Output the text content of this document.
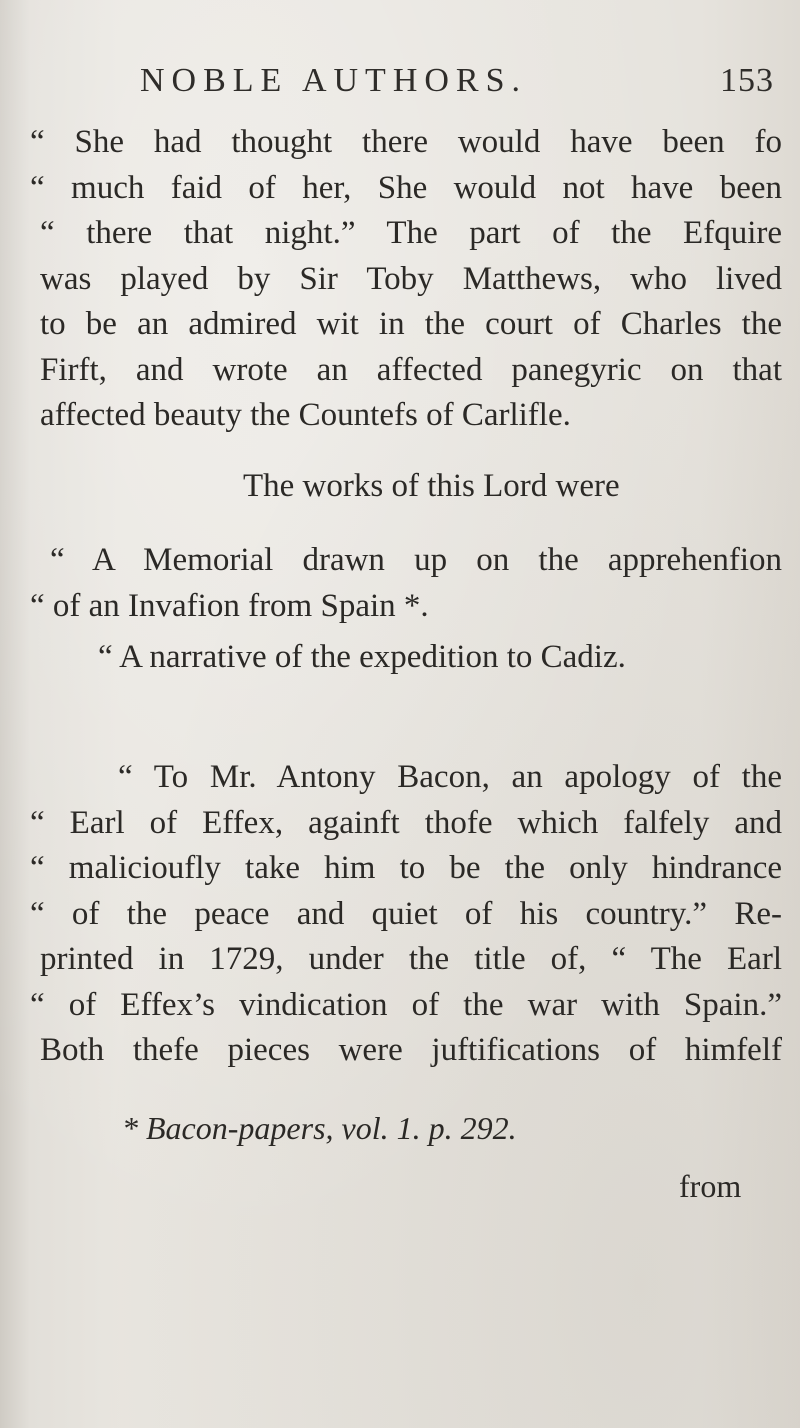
NOBLE AUTHORS.	153
“ She had thought there would have been fo
“ much faid of her, She would not have been
“ there that night.” The part of the Efquire
was played by Sir Toby Matthews, who lived
to be an admired wit in the court of Charles the
Firft, and wrote an affected panegyric on that
affected beauty the Countefs of Carlifle.
The works of this Lord were
“ A Memorial drawn up on the apprehenfion
“ of an Invafion from Spain *.
“ A narrative of the expedition to Cadiz.
“ To Mr. Antony Bacon, an apology of the
“ Earl of Effex, againft thofe which falfely and
“ malicioufly take him to be the only hindrance
“ of the peace and quiet of his country.” Re-
printed in 1729, under the title of, “ The Earl
“ of Effex’s vindication of the war with Spain.”
Both thefe pieces were juftifications of himfelf
* Bacon-papers, vol. 1. p. 292.
from
